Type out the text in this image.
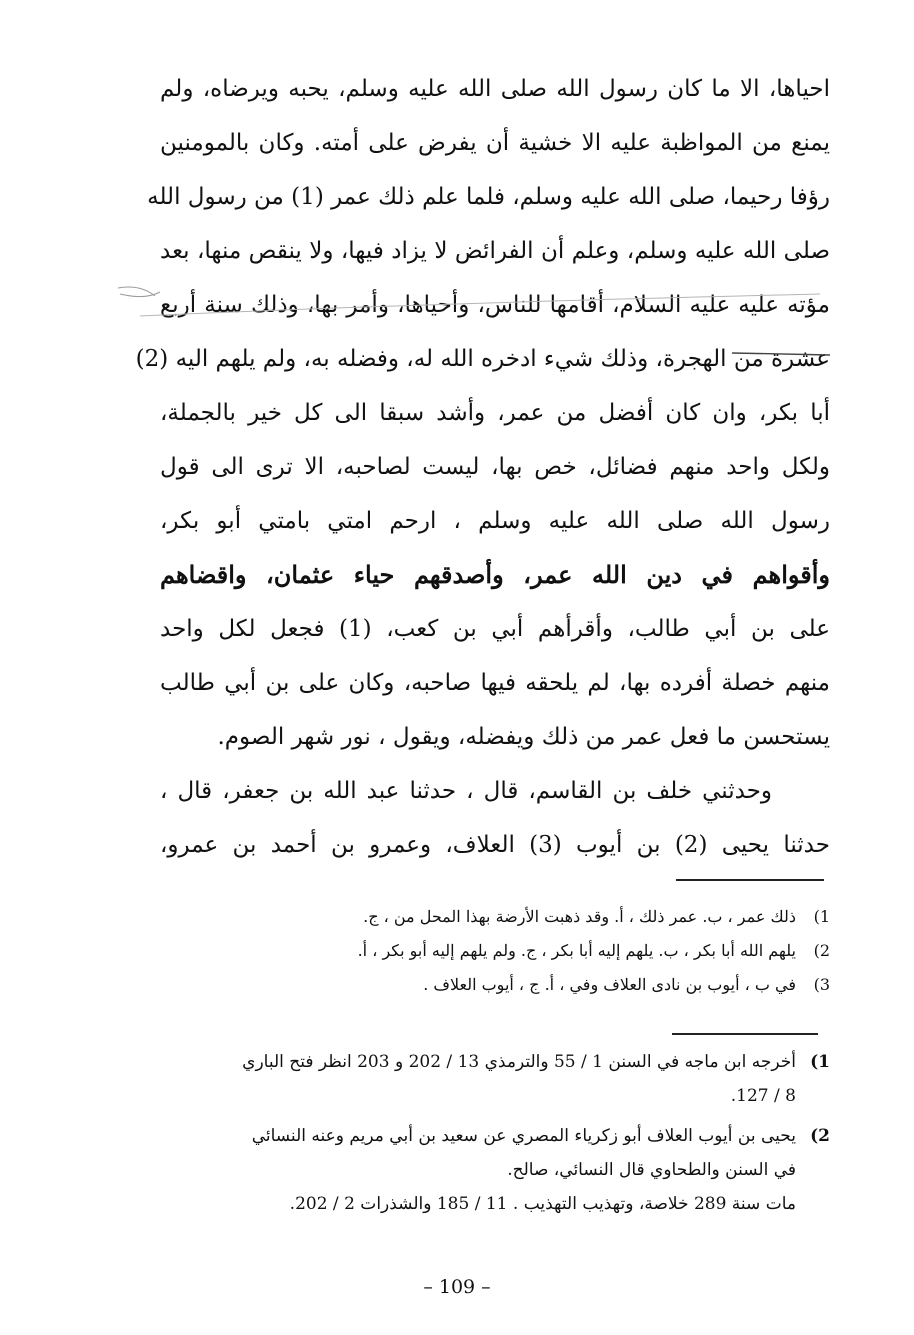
احياها، الا ما كان رسول الله صلى الله عليه وسلم، يحبه ويرضاه، ولم
يمنع من المواظبة عليه الا خشية أن يفرض على أمته. وكان بالمومنين
رؤفا رحيما، صلى الله عليه وسلم، فلما علم ذلك عمر (1) من رسول الله
صلى الله عليه وسلم، وعلم أن الفرائض لا يزاد فيها، ولا ينقص منها، بعد
مؤته عليه عليه السلام، أقامها للناس، وأحياها، وأمر بها، وذلك سنة أربع
عشرة من الهجرة، وذلك شيء ادخره الله له، وفضله به، ولم يلهم اليه (2)
أبا بكر، وان كان أفضل من عمر، وأشد سبقا الى كل خير بالجملة،
ولكل واحد منهم فضائل، خص بها، ليست لصاحبه، الا ترى الى قول
رسول الله صلى الله عليه وسلم ، ارحم امتي بامتي أبو بكر،
وأقواهم في دين الله عمر، وأصدقهم حياء عثمان، واقضاهم
على بن أبي طالب، وأقرأهم أبي بن كعب، (1) فجعل لكل واحد
منهم خصلة أفرده بها، لم يلحقه فيها صاحبه، وكان على بن أبي طالب
يستحسن ما فعل عمر من ذلك ويفضله، ويقول ، نور شهر الصوم.
وحدثني خلف بن القاسم، قال ، حدثنا عبد الله بن جعفر، قال ،
حدثنا يحيى (2) بن أيوب (3) العلاف، وعمرو بن أحمد بن عمرو،
1)
ذلك عمر ، ب. عمر ذلك ، أ. وقد ذهبت الأرضة بهذا المحل من ، ج.
2)
يلهم الله أبا بكر ، ب. يلهم إليه أبا بكر ، ج. ولم يلهم إليه أبو بكر ، أ.
3)
في ب ، أيوب بن نادى العلاف وفي ، أ. ج ، أيوب العلاف .
1)
أخرجه ابن ماجه في السنن 1 / 55 والترمذي 13 / 202 و 203 انظر فتح الباري
8 / 127.
2)
يحيى بن أيوب العلاف أبو زكرياء المصري عن سعيد بن أبي مريم وعنه النسائي
في السنن والطحاوي قال النسائي، صالح.
مات سنة 289 خلاصة، وتهذيب التهذيب . 11 / 185 والشذرات 2 / 202.
– 109 –
